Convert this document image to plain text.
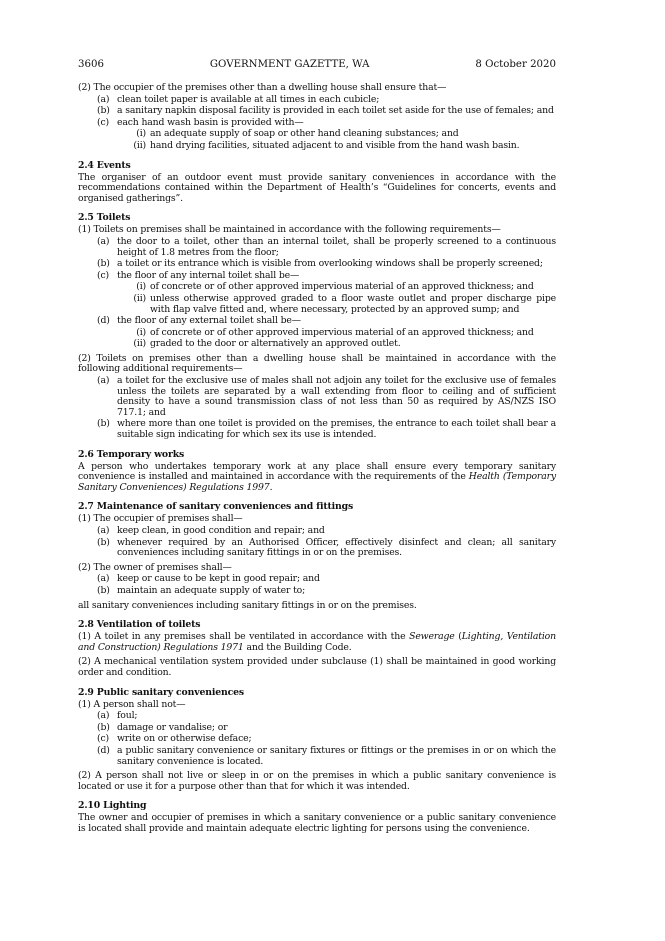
3606	GOVERNMENT GAZETTE, WA	8 October 2020

(2) The occupier of the premises other than a dwelling house shall ensure that—

(a) clean toilet paper is available at all times in each cubicle;
(b) a sanitary napkin disposal facility is provided in each toilet set aside for the use of females; and
(c) each hand wash basin is provided with—
(i) an adequate supply of soap or other hand cleaning substances; and
(ii) hand drying facilities, situated adjacent to and visible from the hand wash basin.
2.4 Events

The organiser of an outdoor event must provide sanitary conveniences in accordance with the recommendations contained within the Department of Health’s “Guidelines for concerts, events and organised gatherings”.

2.5 Toilets

(1) Toilets on premises shall be maintained in accordance with the following requirements—

(a) the door to a toilet, other than an internal toilet, shall be properly screened to a continuous height of 1.8 metres from the floor;
(b) a toilet or its entrance which is visible from overlooking windows shall be properly screened;
(c) the floor of any internal toilet shall be—
(i) of concrete or of other approved impervious material of an approved thickness; and
(ii) unless otherwise approved graded to a floor waste outlet and proper discharge pipe with flap valve fitted and, where necessary, protected by an approved sump; and
(d) the floor of any external toilet shall be—
(i) of concrete or of other approved impervious material of an approved thickness; and
(ii) graded to the door or alternatively an approved outlet.

(2) Toilets on premises other than a dwelling house shall be maintained in accordance with the following additional requirements—

(a) a toilet for the exclusive use of males shall not adjoin any toilet for the exclusive use of females unless the toilets are separated by a wall extending from floor to ceiling and of sufficient density to have a sound transmission class of not less than 50 as required by AS/NZS ISO 717.1; and
(b) where more than one toilet is provided on the premises, the entrance to each toilet shall bear a suitable sign indicating for which sex its use is intended.
2.6 Temporary works

A person who undertakes temporary work at any place shall ensure every temporary sanitary convenience is installed and maintained in accordance with the requirements of the Health (Temporary Sanitary Conveniences) Regulations 1997.

2.7 Maintenance of sanitary conveniences and fittings

(1) The occupier of premises shall—

(a) keep clean, in good condition and repair; and
(b) whenever required by an Authorised Officer, effectively disinfect and clean; all sanitary conveniences including sanitary fittings in or on the premises.

(2) The owner of premises shall—

(a) keep or cause to be kept in good repair; and
(b) maintain an adequate supply of water to;

all sanitary conveniences including sanitary fittings in or on the premises.

2.8 Ventilation of toilets

(1) A toilet in any premises shall be ventilated in accordance with the Sewerage (Lighting, Ventilation and Construction) Regulations 1971 and the Building Code.

(2) A mechanical ventilation system provided under subclause (1) shall be maintained in good working order and condition.

2.9 Public sanitary conveniences

(1) A person shall not—

(a) foul;
(b) damage or vandalise; or
(c) write on or otherwise deface;
(d) a public sanitary convenience or sanitary fixtures or fittings or the premises in or on which the sanitary convenience is located.

(2) A person shall not live or sleep in or on the premises in which a public sanitary convenience is located or use it for a purpose other than that for which it was intended.

2.10 Lighting

The owner and occupier of premises in which a sanitary convenience or a public sanitary convenience is located shall provide and maintain adequate electric lighting for persons using the convenience.
